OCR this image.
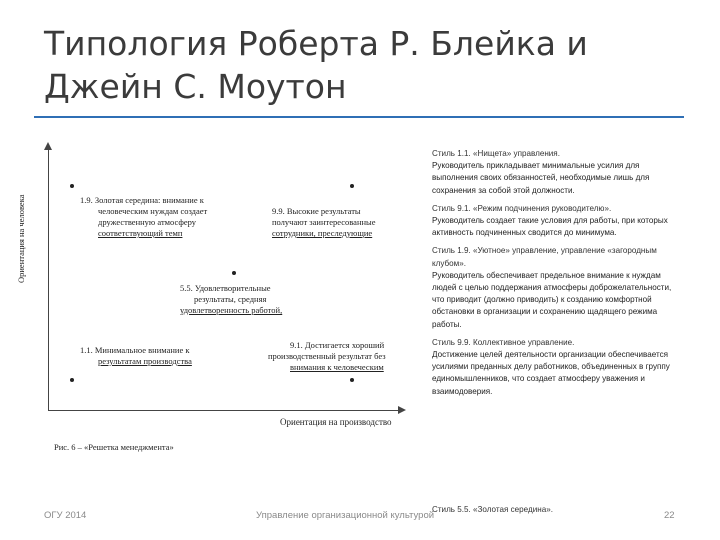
Типология Роберта Р. Блейка и
Джейн С. Моутон
1.9. Золотая середина: внимание к
человеческим нуждам создает
дружественную атмосферу
соответствующий темп
9.9. Высокие результаты
получают заинтересованные
сотрудники, преследующие
5.5. Удовлетворительные
результаты, средняя
удовлетворенность работой,
1.1. Минимальное внимание к
результатам производства
9.1. Достигается хороший
производственный результат без
внимания к человеческим
Ориентация на человека
Ориентация на производство
Рис. 6 – «Решетка менеджмента»

Стиль 1.1. «Нищета» управления.
Руководитель прикладывает минимальные усилия для выполнения своих обязанностей, необходимые лишь для сохранения за собой этой должности.

Стиль 9.1. «Режим подчинения руководителю».
Руководитель создает такие условия для работы, при которых активность подчиненных сводится до минимума.

Стиль 1.9. «Уютное» управление, управление «загородным клубом».
Руководитель обеспечивает предельное внимание к нуждам людей с целью поддержания атмосферы доброжелательности, что приводит (должно приводить) к созданию комфортной обстановки в организации и сохранению щадящего режима работы.

Стиль 9.9. Коллективное управление.
Достижение целей деятельности организации обеспечивается усилиями преданных делу работников, объединенных в группу единомышленников, что создает атмосферу уважения и взаимодоверия.

ОГУ 2014	Управление организационной культурой
Стиль 5.5. «Золотая середина».
22
